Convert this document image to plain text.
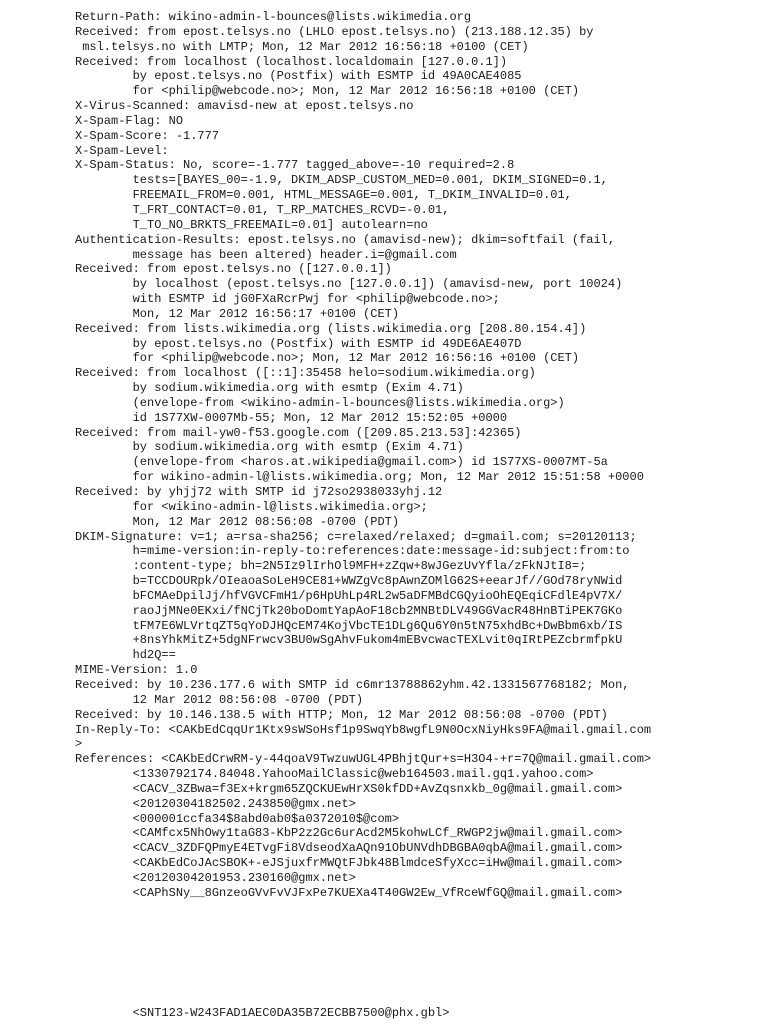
Return-Path: wikino-admin-l-bounces@lists.wikimedia.org
Received: from epost.telsys.no (LHLO epost.telsys.no) (213.188.12.35) by
msl.telsys.no with LMTP; Mon, 12 Mar 2012 16:56:18 +0100 (CET)
Received: from localhost (localhost.localdomain [127.0.0.1])
by epost.telsys.no (Postfix) with ESMTP id 49A0CAE4085
for <philip@webcode.no>; Mon, 12 Mar 2012 16:56:18 +0100 (CET)
X-Virus-Scanned: amavisd-new at epost.telsys.no
X-Spam-Flag: NO
X-Spam-Score: -1.777
X-Spam-Level:
X-Spam-Status: No, score=-1.777 tagged_above=-10 required=2.8
tests=[BAYES_00=-1.9, DKIM_ADSP_CUSTOM_MED=0.001, DKIM_SIGNED=0.1,
FREEMAIL_FROM=0.001, HTML_MESSAGE=0.001, T_DKIM_INVALID=0.01,
T_FRT_CONTACT=0.01, T_RP_MATCHES_RCVD=-0.01,
T_TO_NO_BRKTS_FREEMAIL=0.01] autolearn=no
Authentication-Results: epost.telsys.no (amavisd-new); dkim=softfail (fail,
message has been altered) header.i=@gmail.com
Received: from epost.telsys.no ([127.0.0.1])
by localhost (epost.telsys.no [127.0.0.1]) (amavisd-new, port 10024)
with ESMTP id jG0FXaRcrPwj for <philip@webcode.no>;
Mon, 12 Mar 2012 16:56:17 +0100 (CET)
Received: from lists.wikimedia.org (lists.wikimedia.org [208.80.154.4])
by epost.telsys.no (Postfix) with ESMTP id 49DE6AE407D
for <philip@webcode.no>; Mon, 12 Mar 2012 16:56:16 +0100 (CET)
Received: from localhost ([::1]:35458 helo=sodium.wikimedia.org)
by sodium.wikimedia.org with esmtp (Exim 4.71)
(envelope-from <wikino-admin-l-bounces@lists.wikimedia.org>)
id 1S77XW-0007Mb-55; Mon, 12 Mar 2012 15:52:05 +0000
Received: from mail-yw0-f53.google.com ([209.85.213.53]:42365)
by sodium.wikimedia.org with esmtp (Exim 4.71)
(envelope-from <haros.at.wikipedia@gmail.com>) id 1S77XS-0007MT-5a
for wikino-admin-l@lists.wikimedia.org; Mon, 12 Mar 2012 15:51:58 +0000
Received: by yhjj72 with SMTP id j72so2938033yhj.12
for <wikino-admin-l@lists.wikimedia.org>;
Mon, 12 Mar 2012 08:56:08 -0700 (PDT)
DKIM-Signature: v=1; a=rsa-sha256; c=relaxed/relaxed; d=gmail.com; s=20120113;
h=mime-version:in-reply-to:references:date:message-id:subject:from:to
:content-type; bh=2N5Iz9lIrhOl9MFH+zZqw+8wJGezUvYfla/zFkNJtI8=;
b=TCCDOURpk/OIeaoaSoLeH9CE81+WWZgVc8pAwnZOMlG62S+eearJf//GOd78ryNWid
bFCMAeDpilJj/hfVGVCFmH1/p6HpUhLp4RL2w5aDFMBdCGQyioOhEQEqiCFdlE4pV7X/
raoJjMNe0EKxi/fNCjTk20boDomtYapAoF18cb2MNBtDLV49GGVacR48HnBTiPEK7GKo
tFM7E6WLVrtqZT5qYoDJHQcEM74KojVbcTE1DLg6Qu6Y0n5tN75xhdBc+DwBbm6xb/IS
+8nsYhkMitZ+5dgNFrwcv3BU0wSgAhvFukom4mEBvcwacTEXLvit0qIRtPEZcbrmfpkU
hd2Q==
MIME-Version: 1.0
Received: by 10.236.177.6 with SMTP id c6mr13788862yhm.42.1331567768182; Mon,
12 Mar 2012 08:56:08 -0700 (PDT)
Received: by 10.146.138.5 with HTTP; Mon, 12 Mar 2012 08:56:08 -0700 (PDT)
In-Reply-To: <CAKbEdCqqUr1Ktx9sWSoHsf1p9SwqYb8wgfL9N0OcxNiyHks9FA@mail.gmail.com
>
References: <CAKbEdCrwRM-y-44qoaV9TwzuwUGL4PBhjtQur+s=H3O4-+r=7Q@mail.gmail.com>
<1330792174.84048.YahooMailClassic@web164503.mail.gq1.yahoo.com>
<CACV_3ZBwa=f3Ex+krgm65ZQCKUEwHrXS0kfDD+AvZqsnxkb_0g@mail.gmail.com>
<20120304182502.243850@gmx.net>
<000001ccfa34$8abd0ab0$a0372010$@com>
<CAMfcx5NhOwy1taG83-KbP2z2Gc6urAcd2M5kohwLCf_RWGP2jw@mail.gmail.com>
<CACV_3ZDFQPmyE4ETvgFi8VdseodXaAQn91ObUNVdhDBGBA0qbA@mail.gmail.com>
<CAKbEdCoJAcSBOK+-eJSjuxfrMWQtFJbk48BlmdceSfyXcc=iHw@mail.gmail.com>
<20120304201953.230160@gmx.net>
<CAPhSNy__8GnzeoGVvFvVJFxPe7KUEXa4T40GW2Ew_VfRceWfGQ@mail.gmail.com>
<SNT123-W243FAD1AEC0DA35B72ECBB7500@phx.gbl>
